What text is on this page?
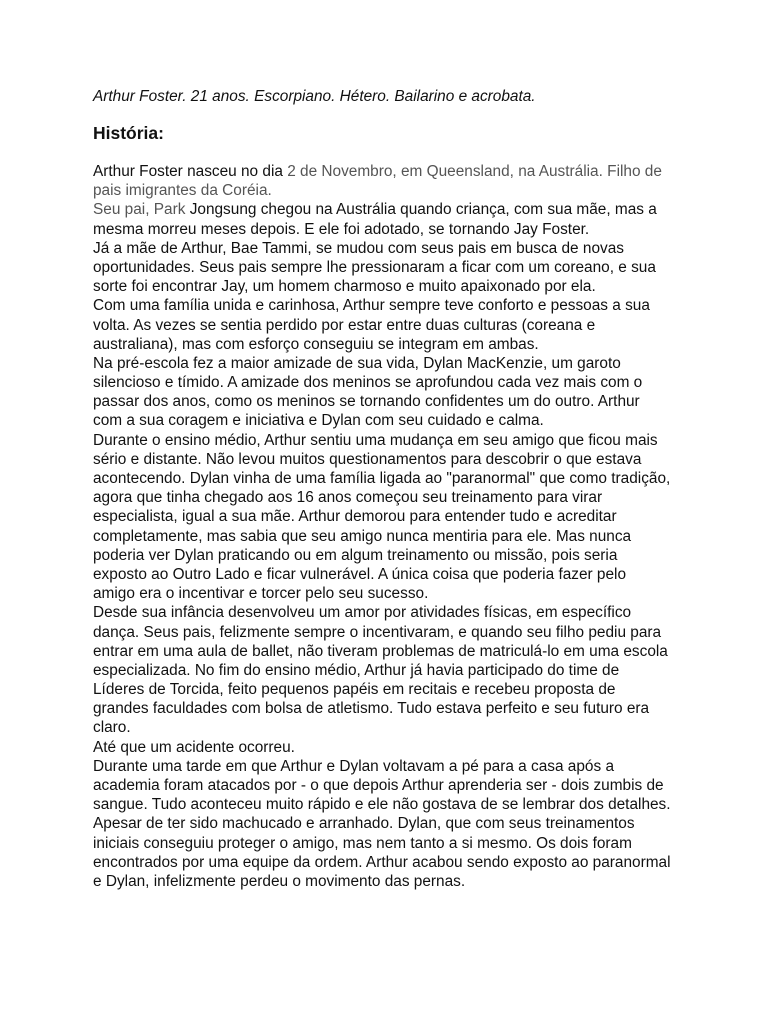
Arthur Foster. 21 anos. Escorpiano. Hétero. Bailarino e acrobata.

História:
Arthur Foster nasceu no dia 2 de Novembro, em Queensland, na Austrália. Filho de
pais imigrantes da Coréia.
Seu pai, Park Jongsung chegou na Austrália quando criança, com sua mãe, mas a
mesma morreu meses depois. E ele foi adotado, se tornando Jay Foster.
Já a mãe de Arthur, Bae Tammi, se mudou com seus pais em busca de novas
oportunidades. Seus pais sempre lhe pressionaram a ficar com um coreano, e sua
sorte foi encontrar Jay, um homem charmoso e muito apaixonado por ela.
Com uma família unida e carinhosa, Arthur sempre teve conforto e pessoas a sua
volta. As vezes se sentia perdido por estar entre duas culturas (coreana e
australiana), mas com esforço conseguiu se integram em ambas.
Na pré-escola fez a maior amizade de sua vida, Dylan MacKenzie, um garoto
silencioso e tímido. A amizade dos meninos se aprofundou cada vez mais com o
passar dos anos, como os meninos se tornando confidentes um do outro. Arthur
com a sua coragem e iniciativa e Dylan com seu cuidado e calma.
Durante o ensino médio, Arthur sentiu uma mudança em seu amigo que ficou mais
sério e distante. Não levou muitos questionamentos para descobrir o que estava
acontecendo. Dylan vinha de uma família ligada ao "paranormal" que como tradição,
agora que tinha chegado aos 16 anos começou seu treinamento para virar
especialista, igual a sua mãe. Arthur demorou para entender tudo e acreditar
completamente, mas sabia que seu amigo nunca mentiria para ele. Mas nunca
poderia ver Dylan praticando ou em algum treinamento ou missão, pois seria
exposto ao Outro Lado e ficar vulnerável. A única coisa que poderia fazer pelo
amigo era o incentivar e torcer pelo seu sucesso.
Desde sua infância desenvolveu um amor por atividades físicas, em específico
dança. Seus pais, felizmente sempre o incentivaram, e quando seu filho pediu para
entrar em uma aula de ballet, não tiveram problemas de matriculá-lo em uma escola
especializada. No fim do ensino médio, Arthur já havia participado do time de
Líderes de Torcida, feito pequenos papéis em recitais e recebeu proposta de
grandes faculdades com bolsa de atletismo. Tudo estava perfeito e seu futuro era
claro.
Até que um acidente ocorreu.
Durante uma tarde em que Arthur e Dylan voltavam a pé para a casa após a
academia foram atacados por - o que depois Arthur aprenderia ser - dois zumbis de
sangue. Tudo aconteceu muito rápido e ele não gostava de se lembrar dos detalhes.
Apesar de ter sido machucado e arranhado. Dylan, que com seus treinamentos
iniciais conseguiu proteger o amigo, mas nem tanto a si mesmo. Os dois foram
encontrados por uma equipe da ordem. Arthur acabou sendo exposto ao paranormal
e Dylan, infelizmente perdeu o movimento das pernas.
